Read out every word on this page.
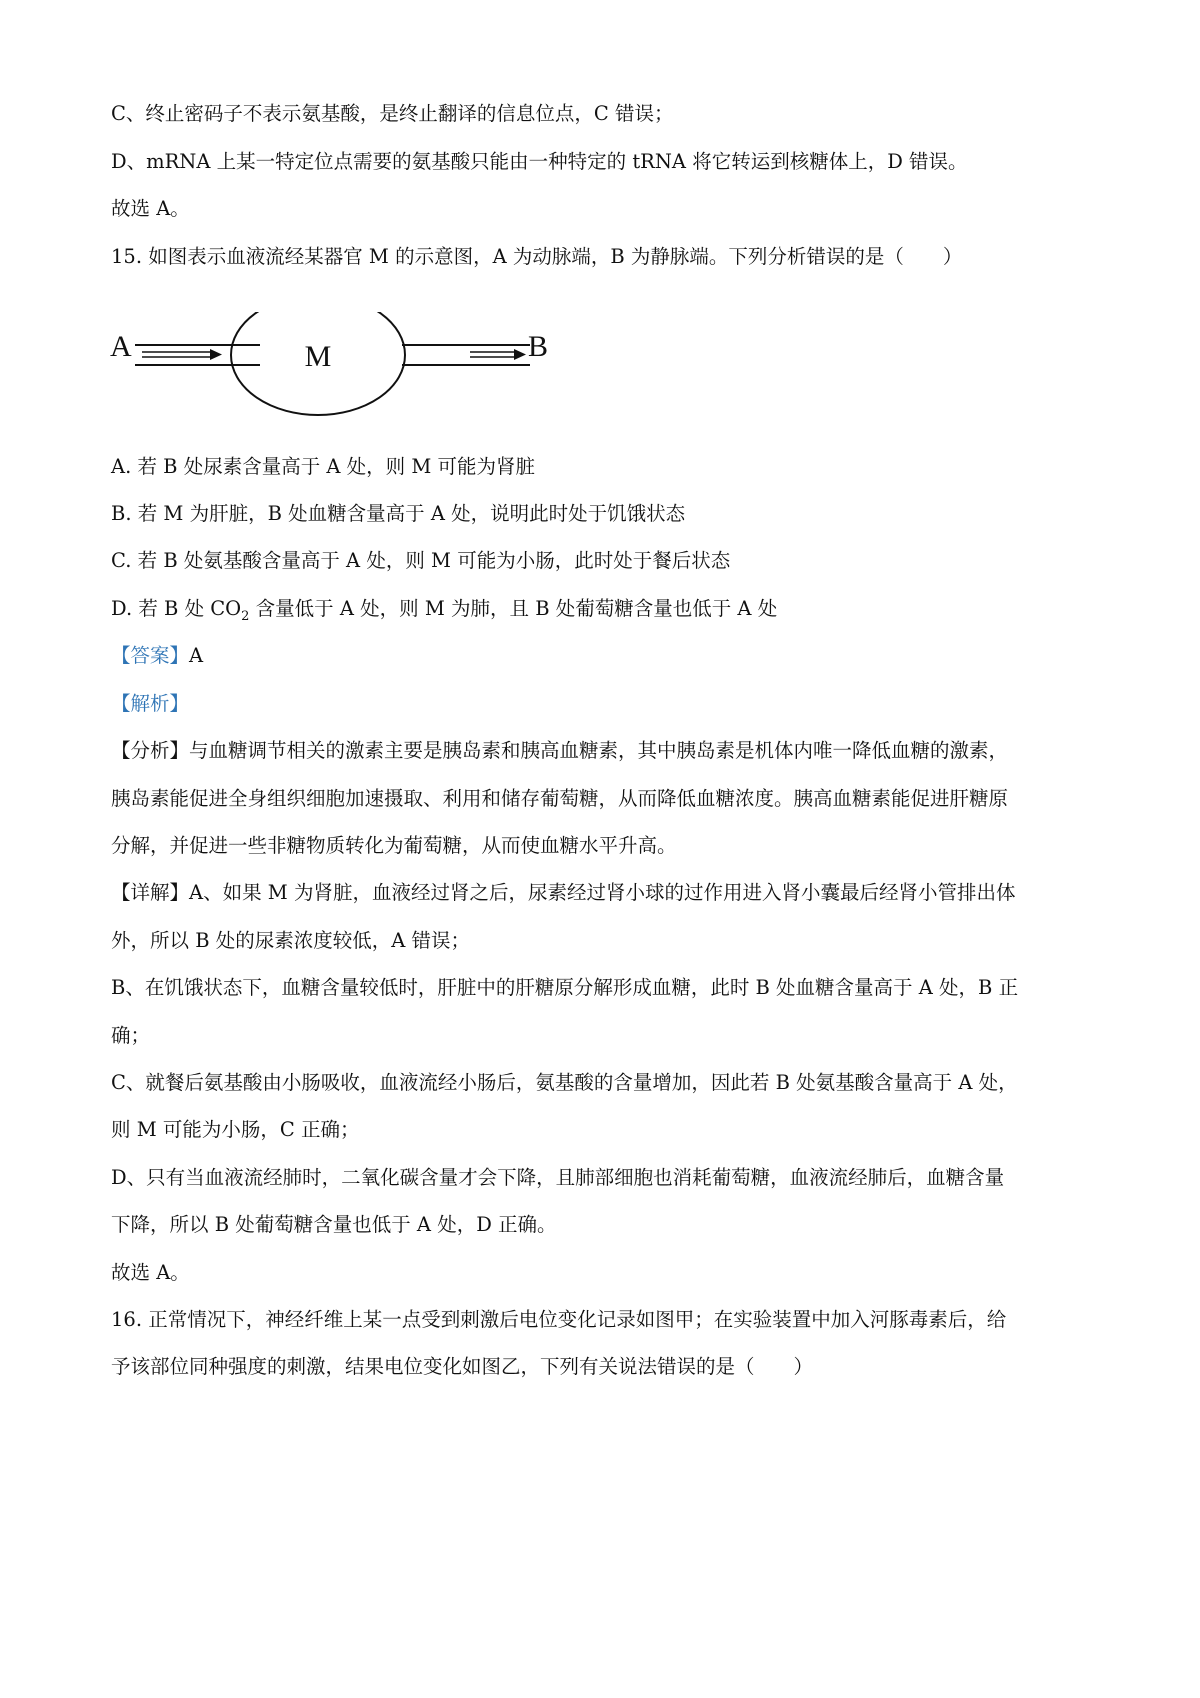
C、终止密码子不表示氨基酸，是终止翻译的信息位点，C 错误；
D、mRNA 上某一特定位点需要的氨基酸只能由一种特定的 tRNA 将它转运到核糖体上，D 错误。
故选 A。
15. 如图表示血液流经某器官 M 的示意图，A 为动脉端，B 为静脉端。下列分析错误的是（　　）
A	M	B
A. 若 B 处尿素含量高于 A 处，则 M 可能为肾脏
B. 若 M 为肝脏，B 处血糖含量高于 A 处，说明此时处于饥饿状态
C. 若 B 处氨基酸含量高于 A 处，则 M 可能为小肠，此时处于餐后状态
D. 若 B 处 $CO_2$ 含量低于 A 处，则 M 为肺，且 B 处葡萄糖含量也低于 A 处
【答案】A
【解析】
【分析】与血糖调节相关的激素主要是胰岛素和胰高血糖素，其中胰岛素是机体内唯一降低血糖的激素，
胰岛素能促进全身组织细胞加速摄取、利用和储存葡萄糖，从而降低血糖浓度。胰高血糖素能促进肝糖原
分解，并促进一些非糖物质转化为葡萄糖，从而使血糖水平升高。
【详解】A、如果 M 为肾脏，血液经过肾之后，尿素经过肾小球的过作用进入肾小囊最后经肾小管排出体
外，所以 B 处的尿素浓度较低，A 错误；
B、在饥饿状态下，血糖含量较低时，肝脏中的肝糖原分解形成血糖，此时 B 处血糖含量高于 A 处，B 正
确；
C、就餐后氨基酸由小肠吸收，血液流经小肠后，氨基酸的含量增加，因此若 B 处氨基酸含量高于 A 处，
则 M 可能为小肠，C 正确；
D、只有当血液流经肺时，二氧化碳含量才会下降，且肺部细胞也消耗葡萄糖，血液流经肺后，血糖含量
下降，所以 B 处葡萄糖含量也低于 A 处，D 正确。
故选 A。
16. 正常情况下，神经纤维上某一点受到刺激后电位变化记录如图甲；在实验装置中加入河豚毒素后，给
予该部位同种强度的刺激，结果电位变化如图乙，下列有关说法错误的是（　　）
